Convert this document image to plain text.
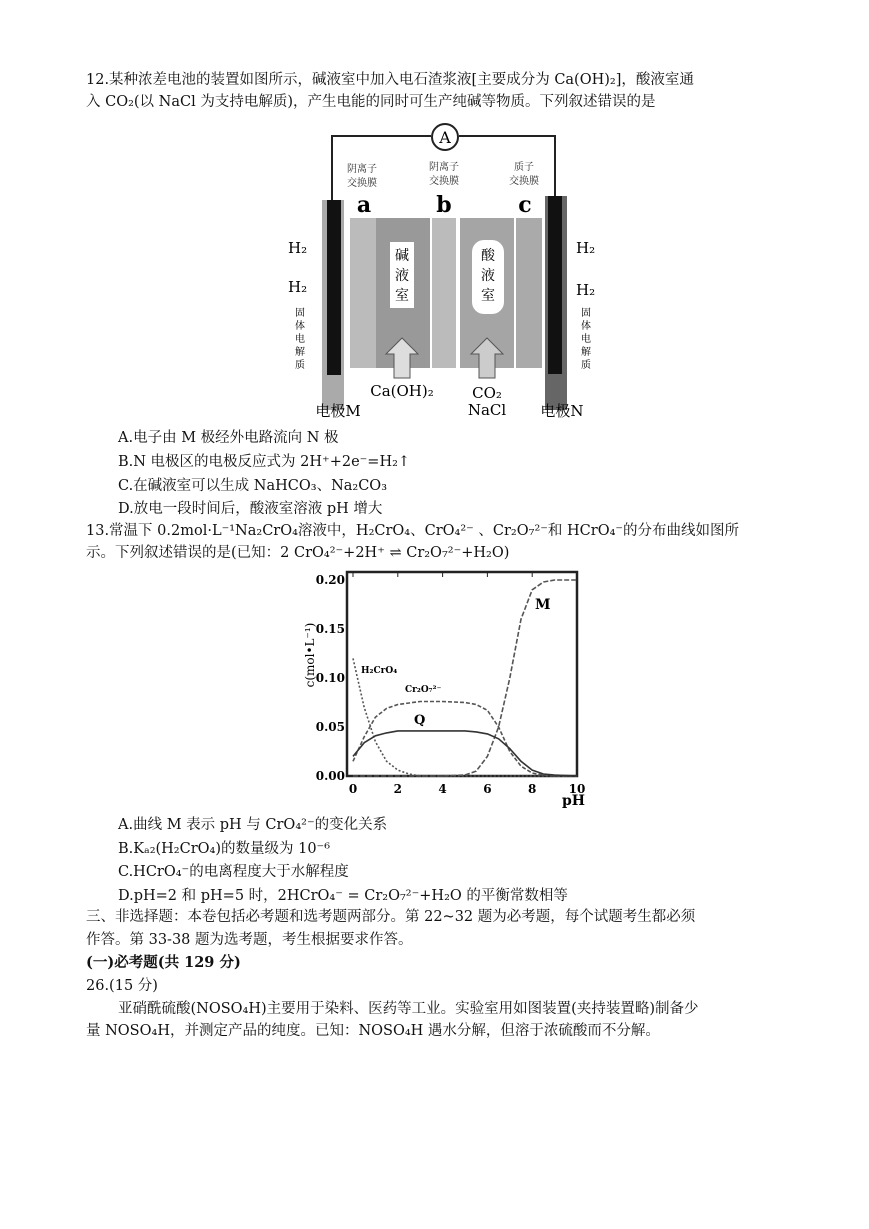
12.某种浓差电池的装置如图所示，碱液室中加入电石渣浆液[主要成分为 Ca(OH)₂]，酸液室通
入 CO₂(以 NaCl 为支持电解质)，产生电能的同时可生产纯碱等物质。下列叙述错误的是
A
阴离子
交换膜
阴离子
交换膜
质子
交换膜
a	b	c
碱
液
室
酸
液
室
H₂
H₂
H₂
H₂
固
体
电
解
质
固
体
电
解
质
电极M
Ca(OH)₂	CO₂
NaCl 电极N
A.电子由 M 极经外电路流向 N 极
B.N 电极区的电极反应式为 2H⁺+2e⁻=H₂↑
C.在碱液室可以生成 NaHCO₃、Na₂CO₃
D.放电一段时间后，酸液室溶液 pH 增大
13.常温下 0.2mol·L⁻¹Na₂CrO₄溶液中，H₂CrO₄、CrO₄²⁻ 、Cr₂O₇²⁻和 HCrO₄⁻的分布曲线如图所
示。下列叙述错误的是(已知：2 CrO₄²⁻+2H⁺ ⇌ Cr₂O₇²⁻+H₂O)
0	2	4	6	8	10
0.00
0.05
0.10
0.15
0.20
c(mol•L⁻¹)
pH
M
H₂CrO₄
Cr₂O₇²⁻
Q
A.曲线 M 表示 pH 与 CrO₄²⁻的变化关系
B.Kₐ₂(H₂CrO₄)的数量级为 10⁻⁶
C.HCrO₄⁻的电离程度大于水解程度
D.pH=2 和 pH=5 时，2HCrO₄⁻ = Cr₂O₇²⁻+H₂O 的平衡常数相等
三、非选择题：本卷包括必考题和选考题两部分。第 22~32 题为必考题，每个试题考生都必须
作答。第 33-38 题为选考题，考生根据要求作答。
(一)必考题(共 129 分)
26.(15 分)
亚硝酰硫酸(NOSO₄H)主要用于染料、医药等工业。实验室用如图装置(夹持装置略)制备少
量 NOSO₄H，并测定产品的纯度。已知：NOSO₄H 遇水分解，但溶于浓硫酸而不分解。
